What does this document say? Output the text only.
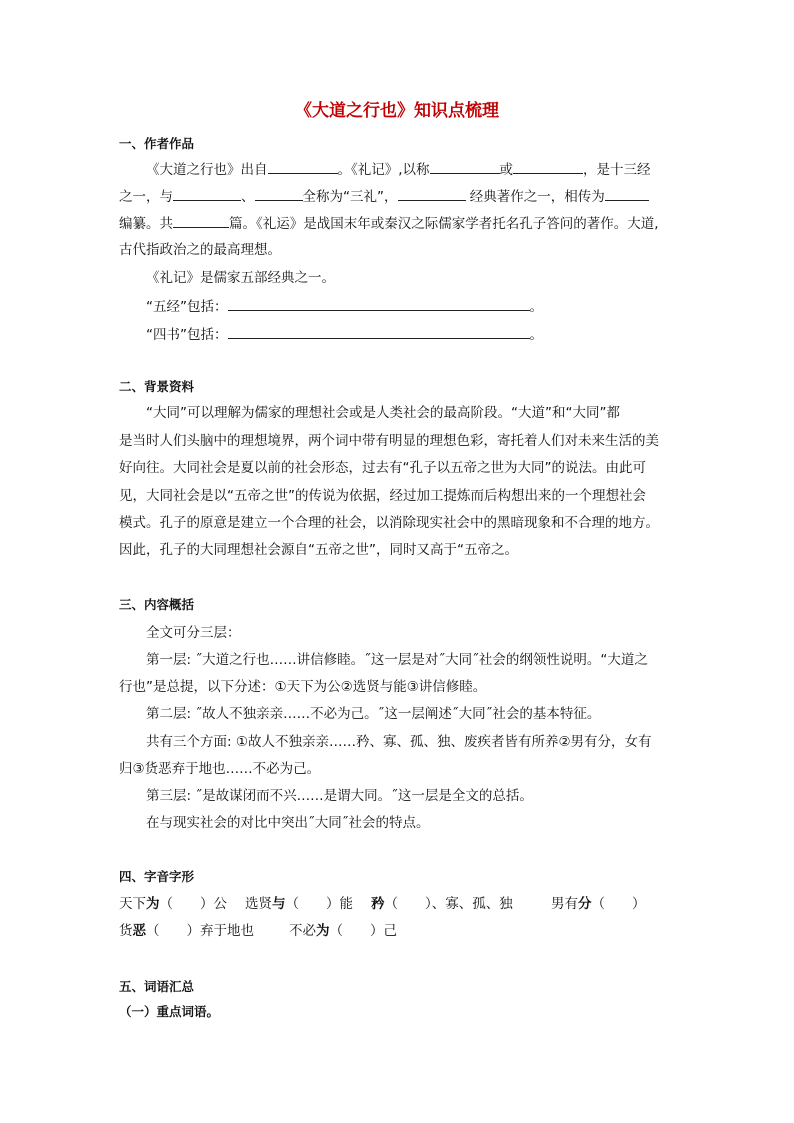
《大道之行也》知识点梳理
一、作者作品
《大道之行也》出自	。《礼记》,以称	或	，是十三经
之一，与	、	全称为“三礼”，	经典著作之一，相传为
编纂。共	篇。《礼运》是战国末年或秦汉之际儒家学者托名孔子答问的著作。大道,
古代指政治之的最高理想。
《礼记》是儒家五部经典之一。
“五经”包括：	。
“四书”包括：	。
二、背景资料
“大同”可以理解为儒家的理想社会或是人类社会的最高阶段。“大道”和“大同”都
是当时人们头脑中的理想境界，两个词中带有明显的理想色彩，寄托着人们对未来生活的美
好向往。大同社会是夏以前的社会形态，过去有“孔子以五帝之世为大同”的说法。由此可
见，大同社会是以“五帝之世”的传说为依据，经过加工提炼而后构想出来的一个理想社会
模式。孔子的原意是建立一个合理的社会，以消除现实社会中的黑暗现象和不合理的地方。
因此，孔子的大同理想社会源自“五帝之世”，同时又高于“五帝之。
三、内容概括
全文可分三层：
第一层: ˝大道之行也……讲信修睦。˝这一层是对˝大同˝社会的纲领性说明。“大道之
行也”是总提，以下分述：①天下为公②选贤与能③讲信修睦。
第二层: ˝故人不独亲亲……不必为己。˝这一层阐述˝大同˝社会的基本特征。
共有三个方面: ①故人不独亲亲……矜、寡、孤、独、废疾者皆有所养②男有分，女有
归③货恶弃于地也……不必为己。
第三层: ˝是故谋闭而不兴……是谓大同。˝这一层是全文的总括。
在与现实社会的对比中突出˝大同˝社会的特点。
四、字音字形
天下为（　　）公 选贤与（　　）能 矜（　　）、寡、孤、独	男有分（　　）
货恶（　　）弃于地也	不必为（　　）己
五、词语汇总
（一）重点词语。
